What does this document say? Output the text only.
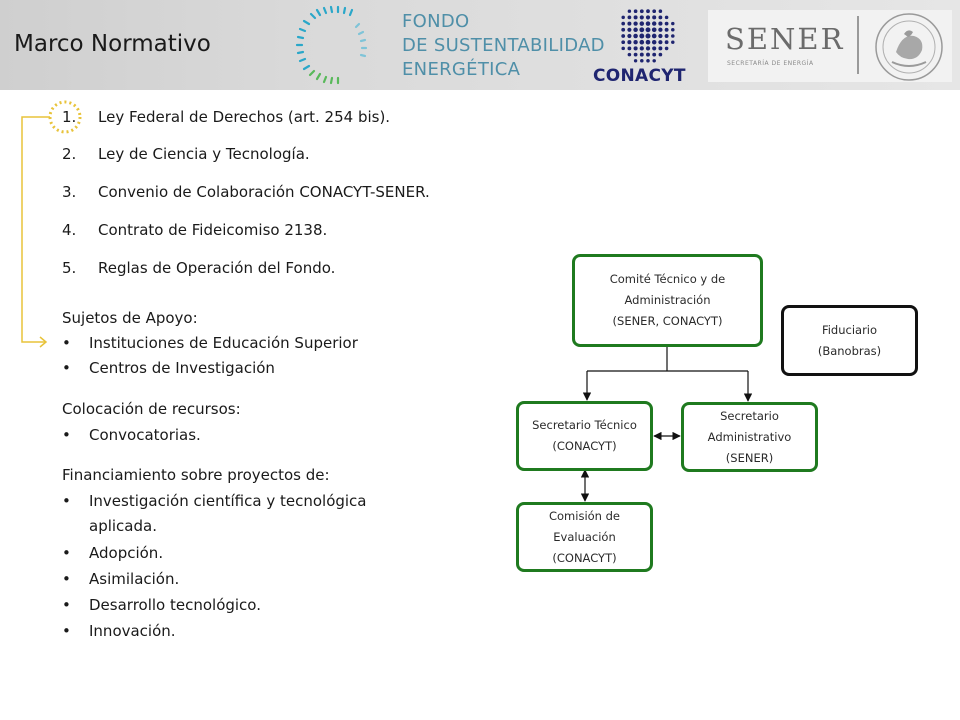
Marco Normativo
FONDO
DE SUSTENTABILIDAD
ENERGÉTICA	CONACYT
SENER
SECRETARÍA DE ENERGÍA
1. Ley Federal de Derechos (art. 254 bis).
2. Ley de Ciencia y Tecnología.
3. Convenio de Colaboración CONACYT-SENER.
4. Contrato de Fideicomiso 2138.
5. Reglas de Operación del Fondo.
Sujetos de Apoyo:
• Instituciones de Educación Superior
• Centros de Investigación
Colocación de recursos:
• Convocatorias.
Financiamiento sobre proyectos de:
• Investigación científica y tecnológica
aplicada.
• Adopción.
• Asimilación.
• Desarrollo tecnológico.
• Innovación.
Comité Técnico y de
Administración
(SENER, CONACYT)
Fiduciario
(Banobras)
Secretario Técnico
(CONACYT)
Secretario
Administrativo
(SENER)
Comisión de
Evaluación
(CONACYT)
